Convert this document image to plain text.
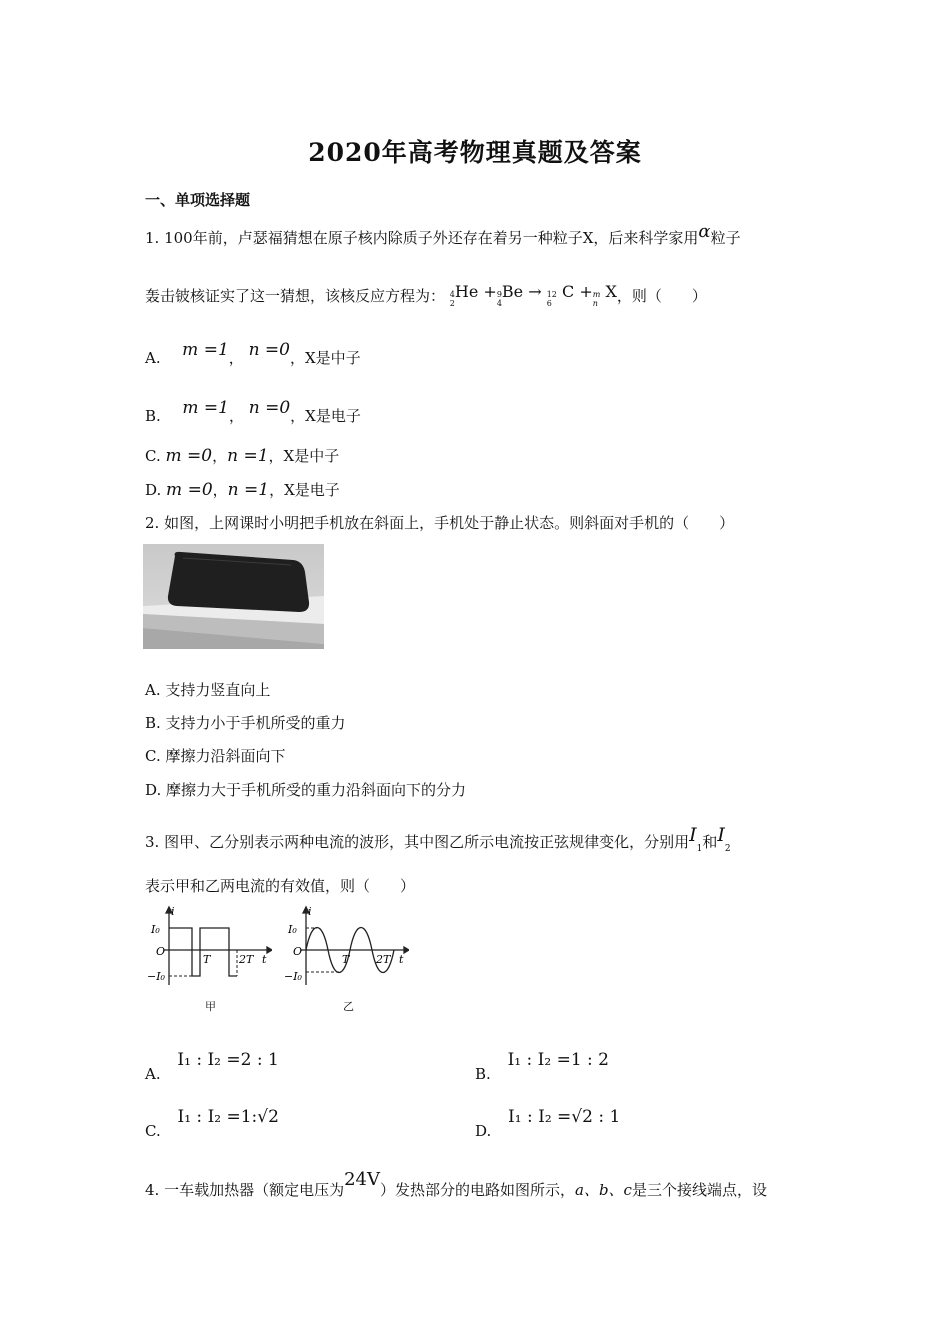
2020年高考物理真题及答案
一、单项选择题
1. 100年前，卢瑟福猜想在原子核内除质子外还存在着另一种粒子X，后来科学家用α粒子
轰击铍核证实了这一猜想，该核反应方程为： 4
2
He + 9
4
Be → 12
6
C + m
n
X，则（　　）
A. m =1， n =0，X是中子
B. m =1， n =0，X是电子
C. m =0，n =1，X是中子
D. m =0，n =1，X是电子
2. 如图，上网课时小明把手机放在斜面上，手机处于静止状态。则斜面对手机的（　　）
A. 支持力竖直向上
B. 支持力小于手机所受的重力
C. 摩擦力沿斜面向下
D. 摩擦力大于手机所受的重力沿斜面向下的分力
3. 图甲、乙分别表示两种电流的波形，其中图乙所示电流按正弦规律变化，分别用$I_1$和$I_2$
表示甲和乙两电流的有效值，则（　　）
I₀
i
O
−I₀
T	2T t
甲
I₀
i
O
−I₀
T 2T t
乙
A. I₁ : I₂ =2 : 1
B. I₁ : I₂ =1 : 2
C. I₁ : I₂ =1:√2
D. I₁ : I₂ =√2 : 1
4. 一车载加热器（额定电压为24V）发热部分的电路如图所示，a、b、c是三个接线端点，设
